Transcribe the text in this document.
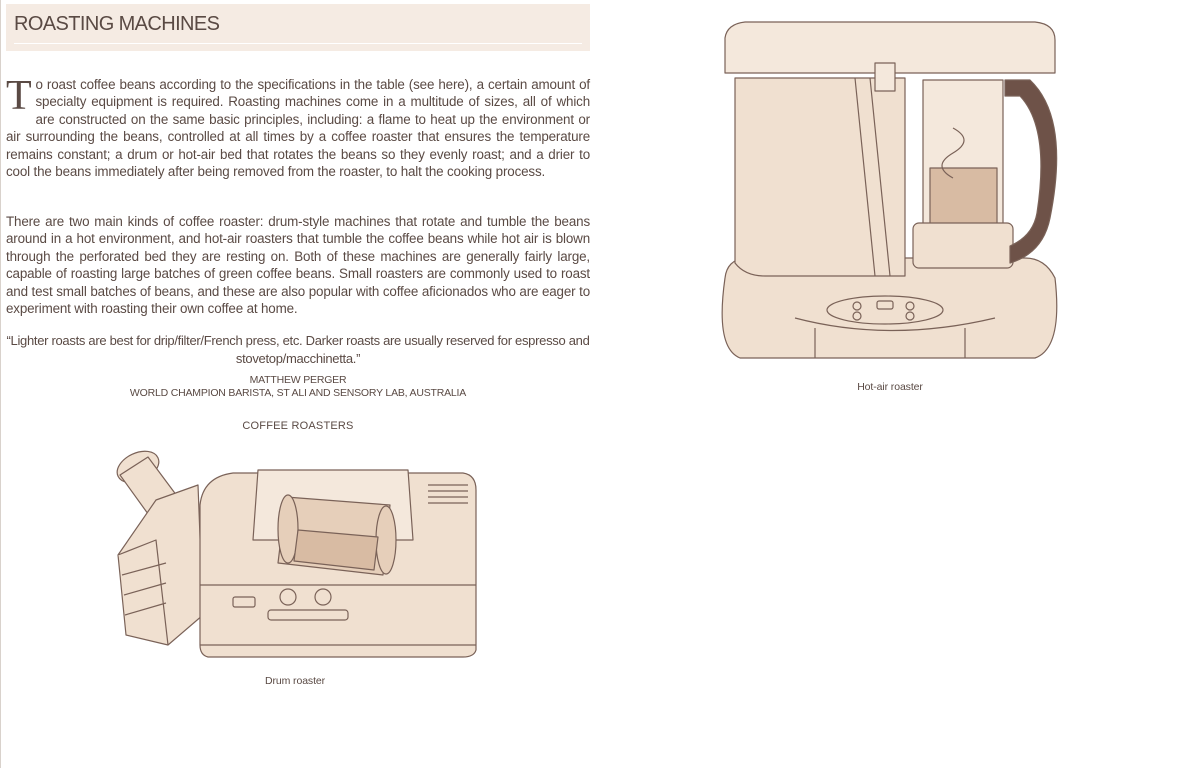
ROASTING MACHINES

To roast coffee beans according to the specifications in the table (see here), a certain amount of specialty equipment is required. Roasting machines come in a multitude of sizes, all of which are constructed on the same basic principles, including: a flame to heat up the environment or air surrounding the beans, controlled at all times by a coffee roaster that ensures the temperature remains constant; a drum or hot-air bed that rotates the beans so they evenly roast; and a drier to cool the beans immediately after being removed from the roaster, to halt the cooking process.

There are two main kinds of coffee roaster: drum-style machines that rotate and tumble the beans around in a hot environment, and hot-air roasters that tumble the coffee beans while hot air is blown through the perforated bed they are resting on. Both of these machines are generally fairly large, capable of roasting large batches of green coffee beans. Small roasters are commonly used to roast and test small batches of beans, and these are also popular with coffee aficionados who are eager to experiment with roasting their own coffee at home.

“Lighter roasts are best for drip/filter/French press, etc. Darker roasts are usually reserved for espresso and stovetop/macchinetta.”

MATTHEW PERGER

WORLD CHAMPION BARISTA, ST ALI AND SENSORY LAB, AUSTRALIA

COFFEE ROASTERS

Drum roaster

Hot-air roaster
